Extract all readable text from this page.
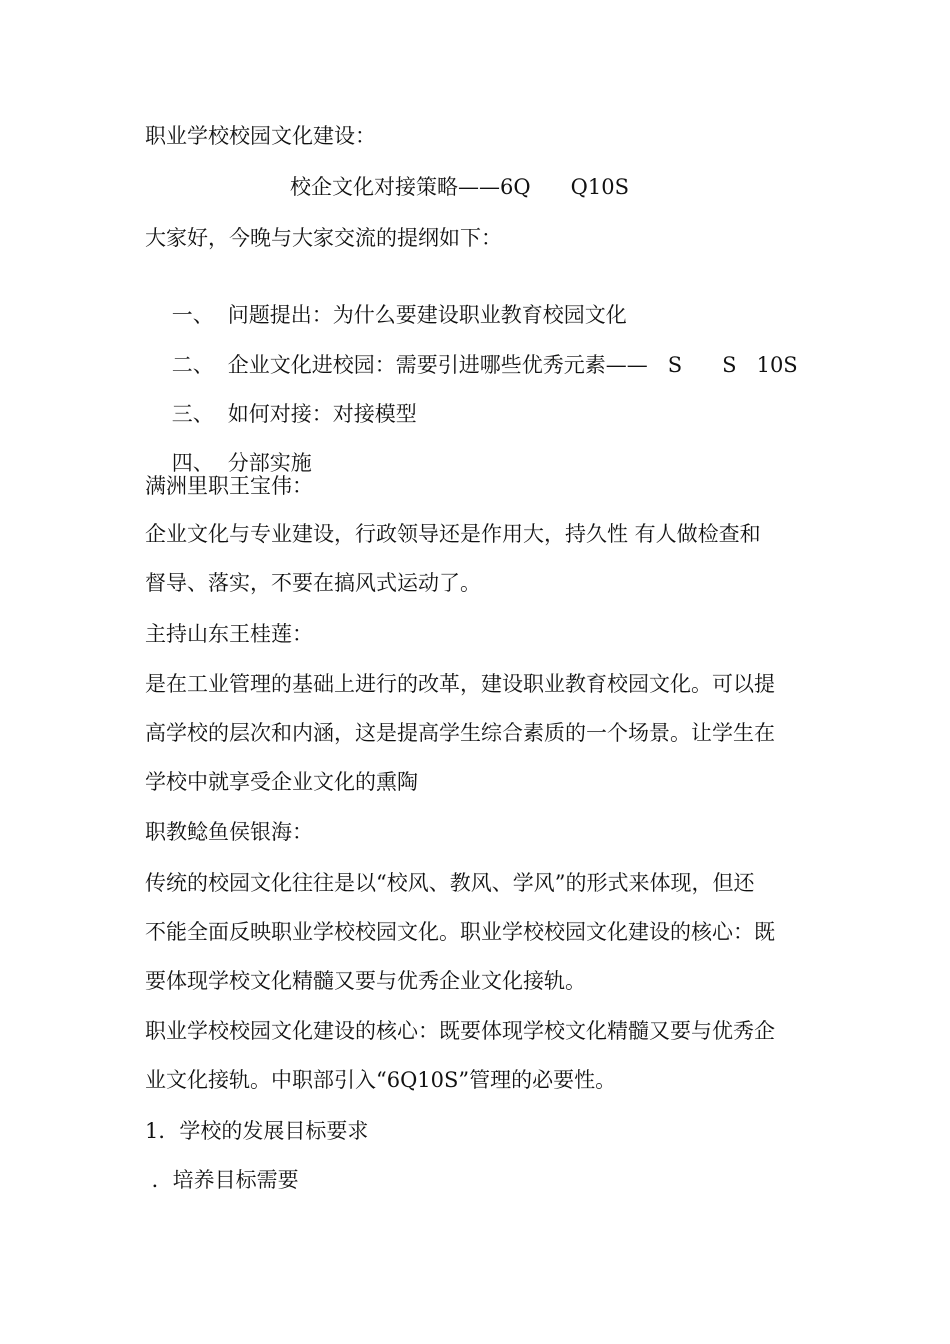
职业学校校园文化建设：
校企文化对接策略——6Q      Q10S
大家好，今晚与大家交流的提纲如下：

一、 问题提出：为什么要建设职业教育校园文化

二、 企业文化进校园：需要引进哪些优秀元素——   S      S   10S

三、 如何对接：对接模型

四、 分部实施

满洲里职王宝伟：
企业文化与专业建设，行政领导还是作用大，持久性 有人做检查和
督导、落实，不要在搞风式运动了。
主持山东王桂莲：
是在工业管理的基础上进行的改革，建设职业教育校园文化。可以提
高学校的层次和内涵，这是提高学生综合素质的一个场景。让学生在
学校中就享受企业文化的熏陶
职教鲶鱼侯银海：
传统的校园文化往往是以“校风、教风、学风”的形式来体现，但还
不能全面反映职业学校校园文化。职业学校校园文化建设的核心：既
要体现学校文化精髓又要与优秀企业文化接轨。
职业学校校园文化建设的核心：既要体现学校文化精髓又要与优秀企
业文化接轨。中职部引入“6Q10S”管理的必要性。
1．学校的发展目标要求
．培养目标需要
